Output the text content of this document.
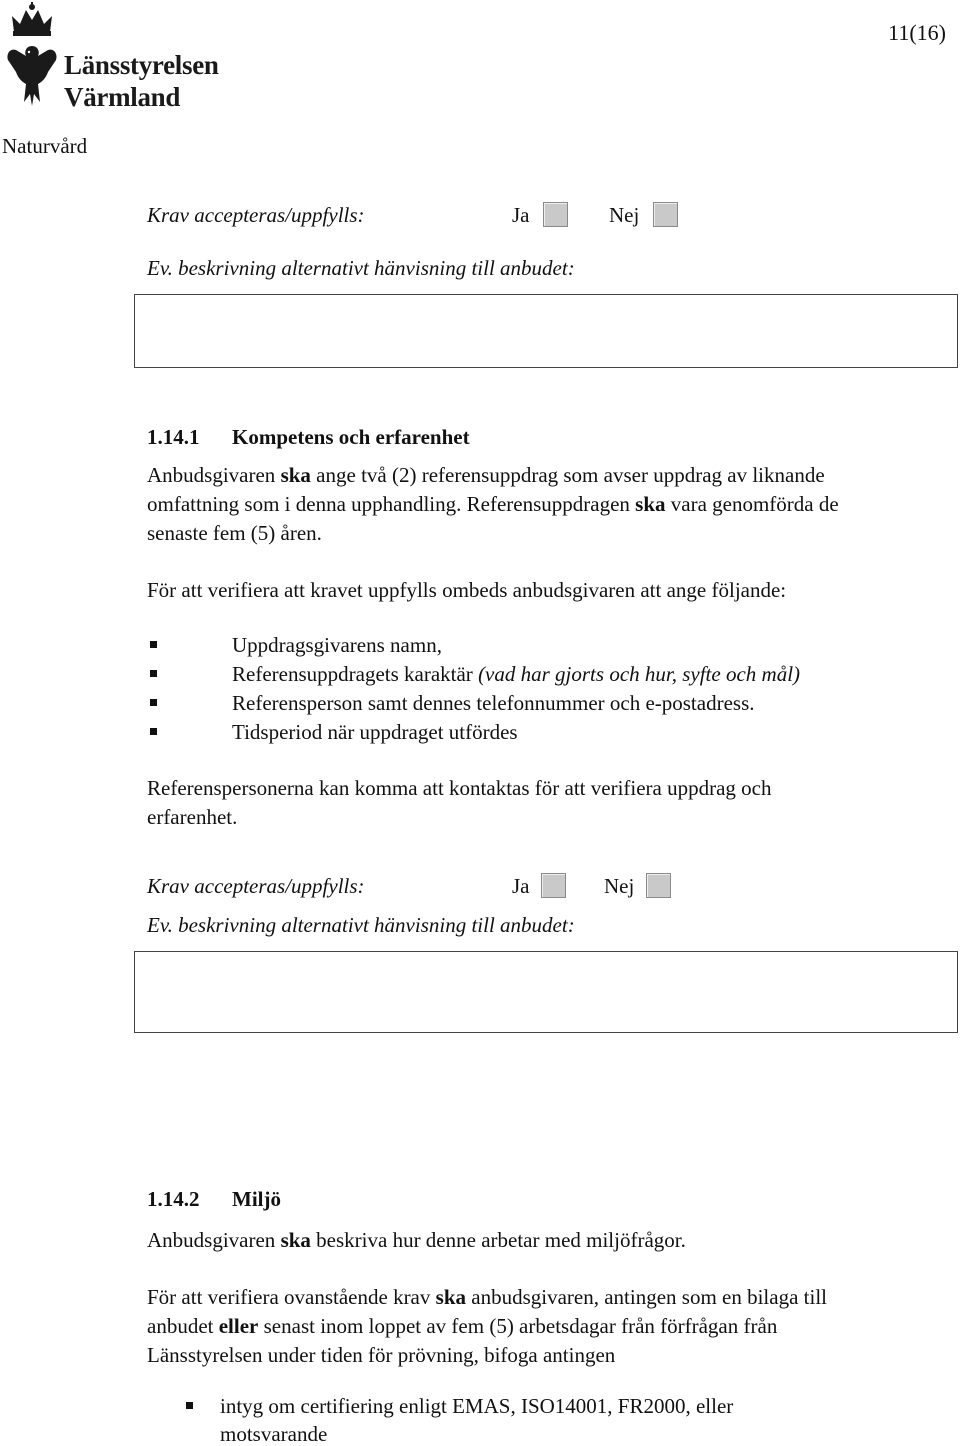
Länsstyrelsen
Värmland
11(16)
Naturvård
Krav accepteras/uppfylls:	Ja	Nej
Ev. beskrivning alternativt hänvisning till anbudet:
1.14.1 Kompetens och erfarenhet
Anbudsgivaren ska ange två (2) referensuppdrag som avser uppdrag av liknande
omfattning som i denna upphandling. Referensuppdragen ska vara genomförda de
senaste fem (5) åren.
För att verifiera att kravet uppfylls ombeds anbudsgivaren att ange följande:
Uppdragsgivarens namn,
Referensuppdragets karaktär (vad har gjorts och hur, syfte och mål)
Referensperson samt dennes telefonnummer och e-postadress.
Tidsperiod när uppdraget utfördes
Referenspersonerna kan komma att kontaktas för att verifiera uppdrag och
erfarenhet.
Krav accepteras/uppfylls:	Ja	Nej
Ev. beskrivning alternativt hänvisning till anbudet:
1.14.2 Miljö
Anbudsgivaren ska beskriva hur denne arbetar med miljöfrågor.
För att verifiera ovanstående krav ska anbudsgivaren, antingen som en bilaga till
anbudet eller senast inom loppet av fem (5) arbetsdagar från förfrågan från
Länsstyrelsen under tiden för prövning, bifoga antingen
intyg om certifiering enligt EMAS, ISO14001, FR2000, eller
motsvarande
